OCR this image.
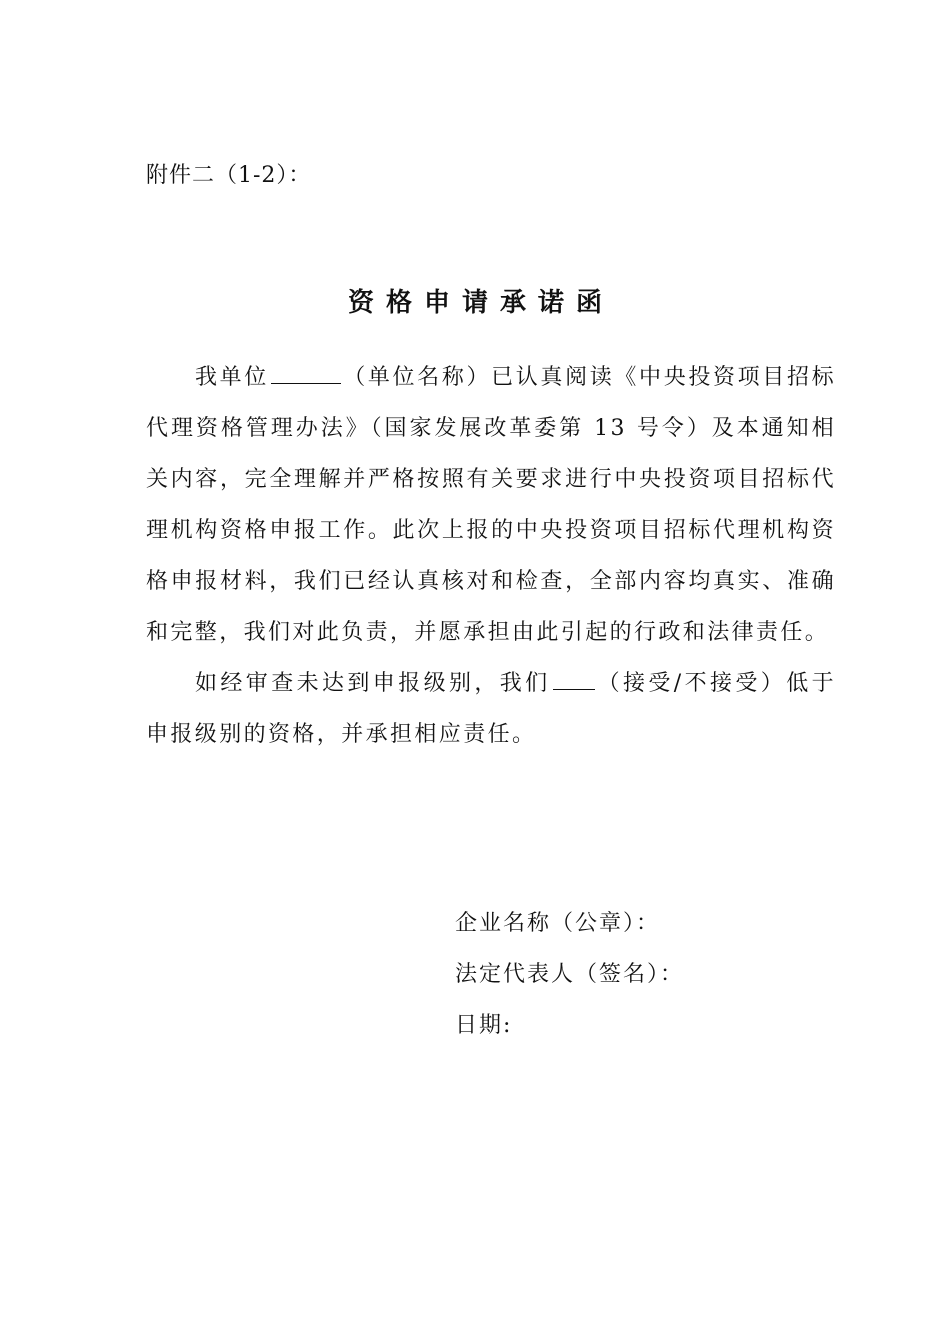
附件二（1-2）：
资格申请承诺函

我单位	（单位名称）已认真阅读《中央投资项目招标代理资格管理办法》（国家发展改革委第 13 号令）及本通知相关内容，完全理解并严格按照有关要求进行中央投资项目招标代理机构资格申报工作。此次上报的中央投资项目招标代理机构资格申报材料，我们已经认真核对和检查，全部内容均真实、准确和完整，我们对此负责，并愿承担由此引起的行政和法律责任。

如经审查未达到申报级别，我们 （接受/不接受）低于申报级别的资格，并承担相应责任。

企业名称（公章）：
法定代表人（签名）：
日期:
